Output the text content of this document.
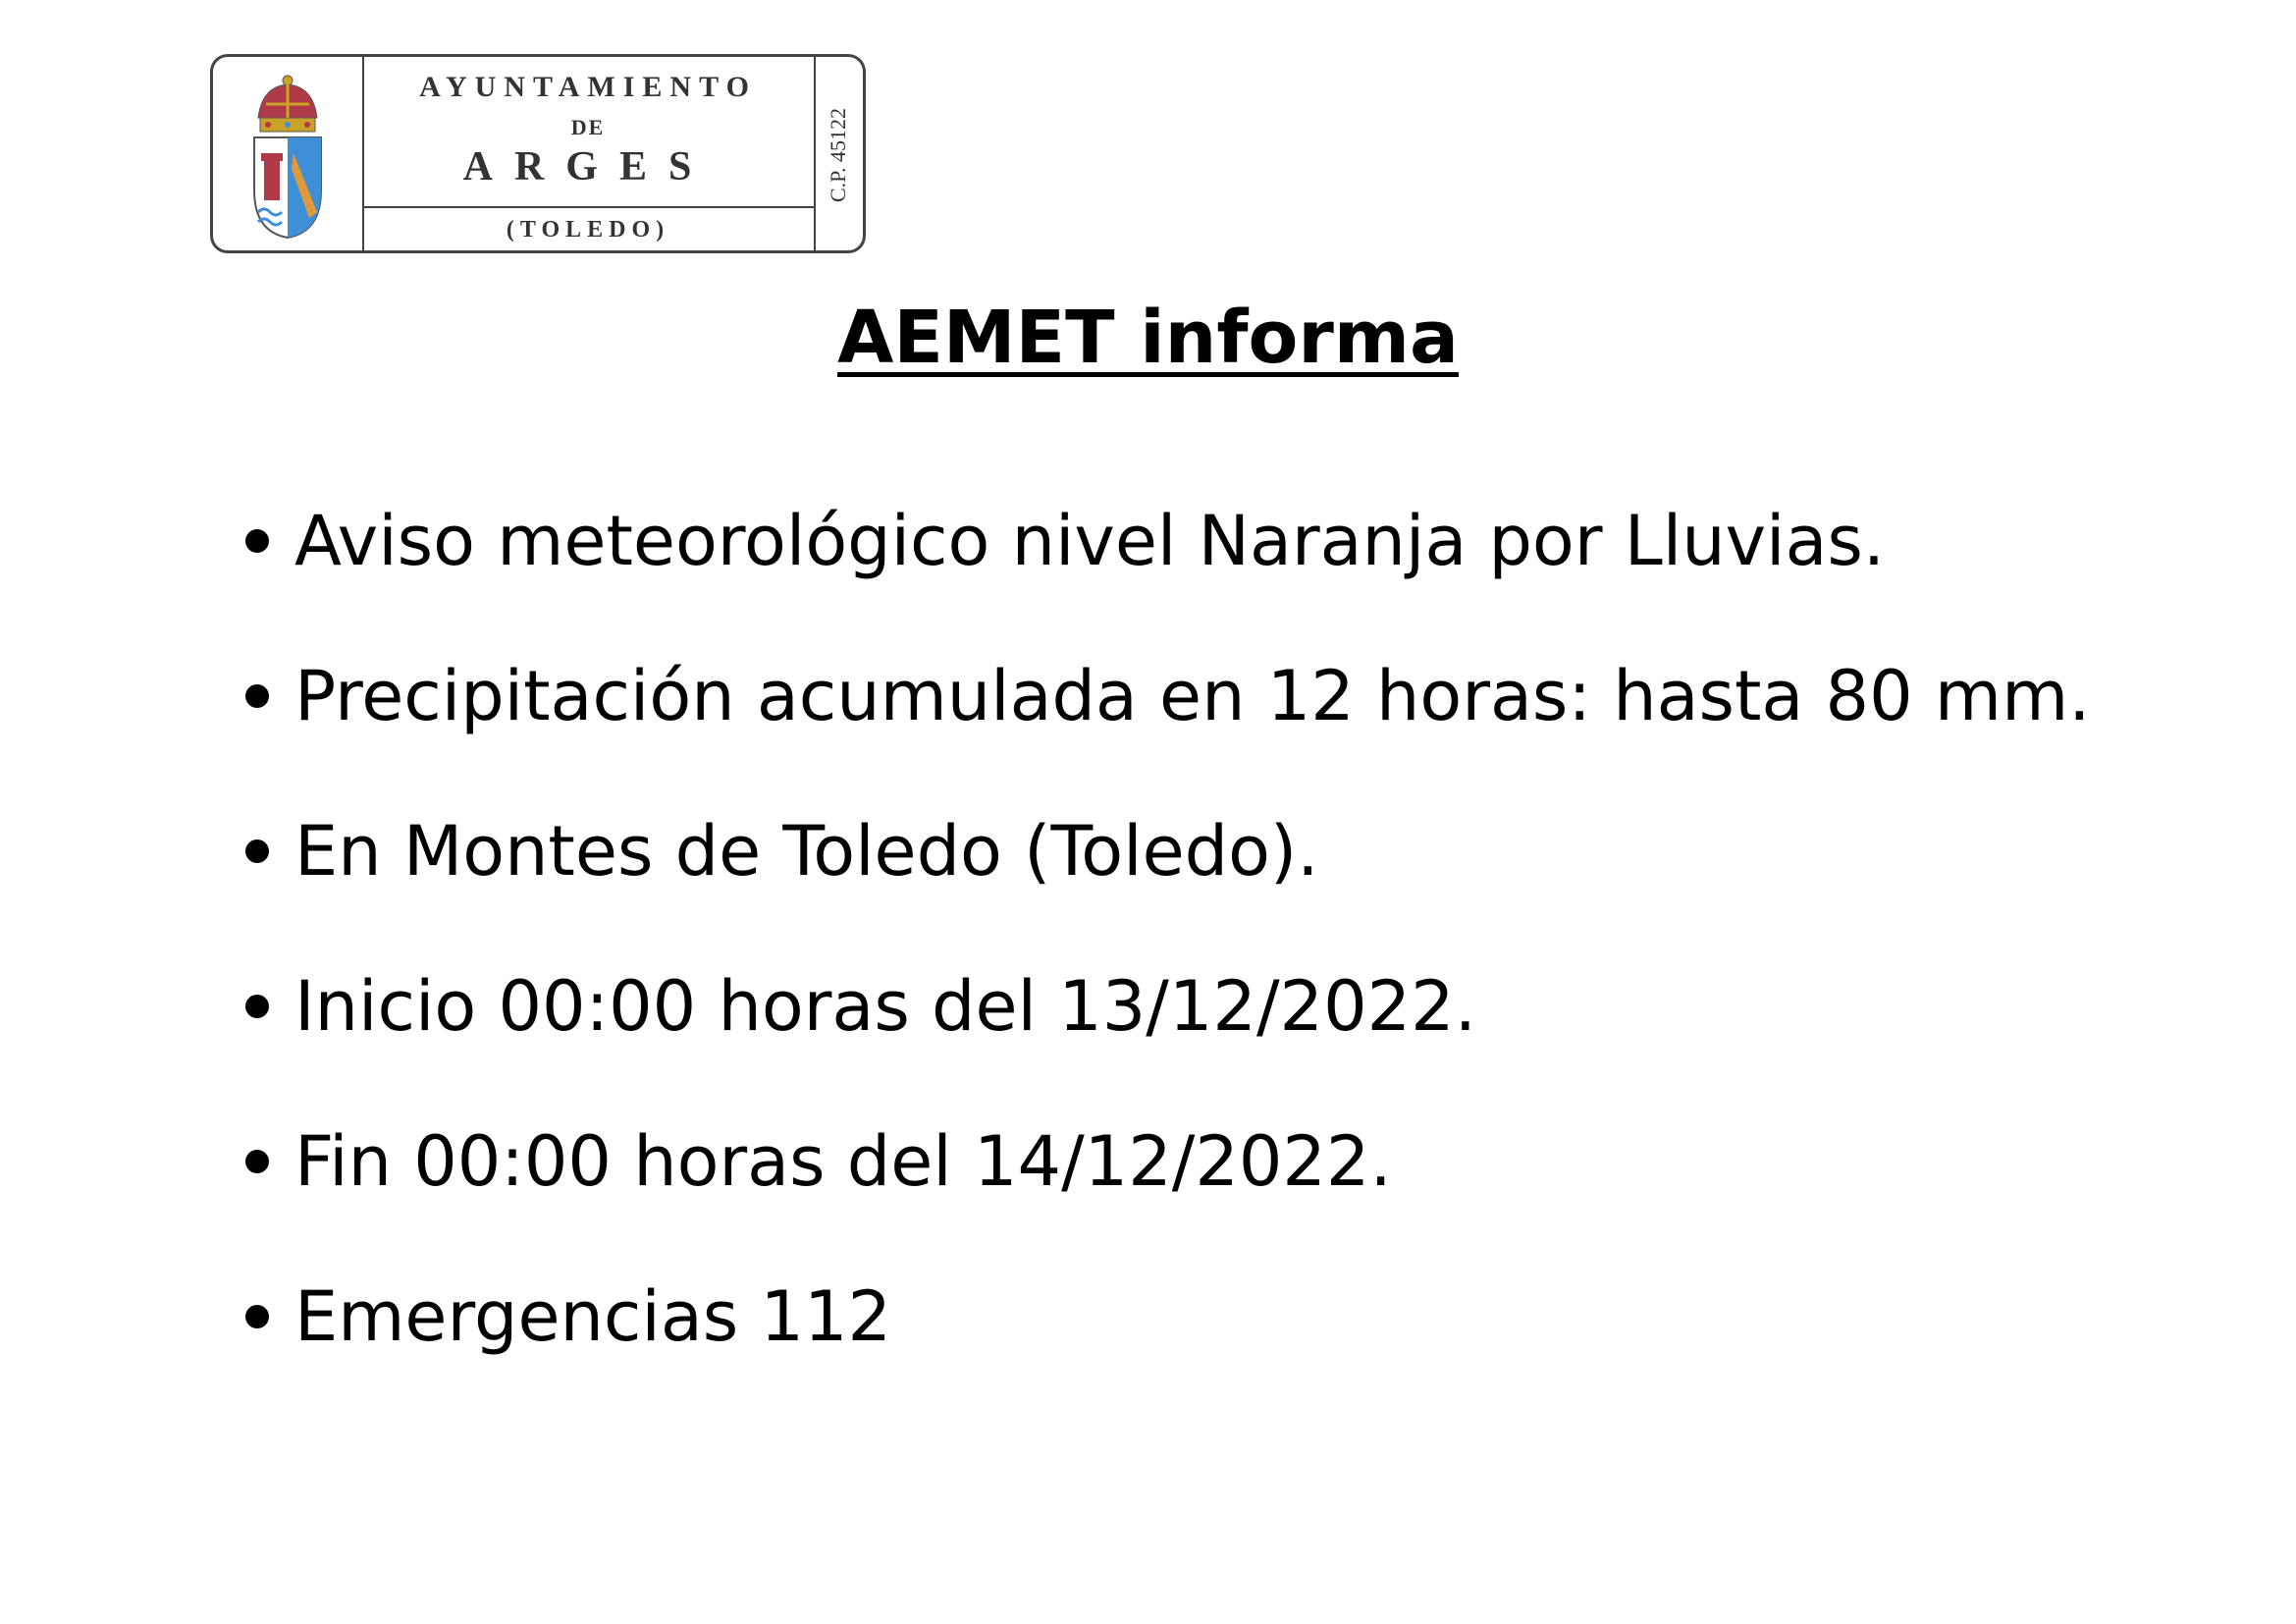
AYUNTAMIENTO
DE
ARGES
(TOLEDO)
C.P. 45122
AEMET informa
Aviso meteorológico nivel Naranja por Lluvias.
Precipitación acumulada en 12 horas: hasta 80 mm.
En Montes de Toledo (Toledo).
Inicio 00:00 horas del 13/12/2022.
Fin 00:00 horas del 14/12/2022.
Emergencias 112
